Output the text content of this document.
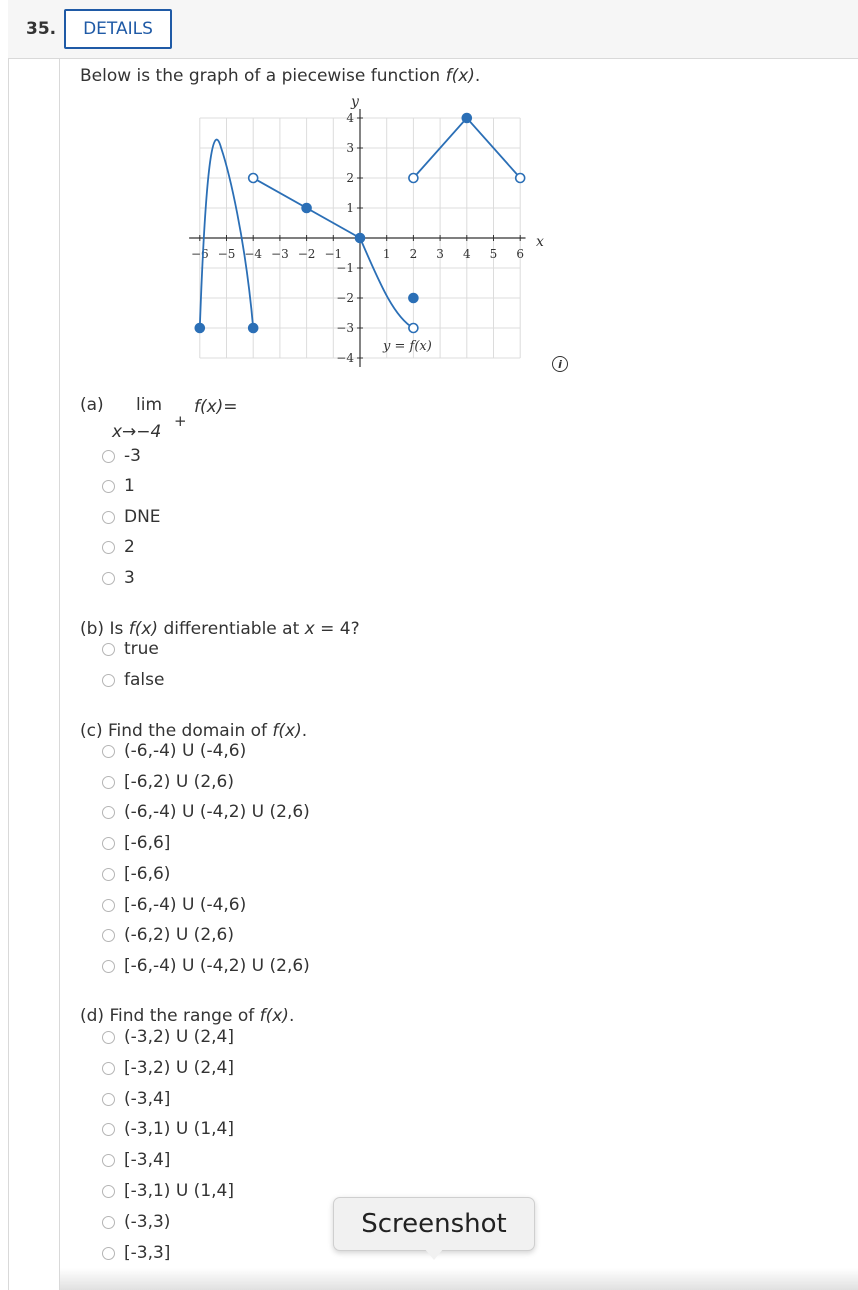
35.	DETAILS
Below is the graph of a piecewise function f(x).
−6 −5 −4 −3 −2 −1	1 2 3 4 5 6
4
3
2
1
−1
−2
−3
−4
x
y
y = f(x)
i
(a) lim
x→−4
+
f(x)=
-3
1
DNE
2
3
(b) Is f(x) differentiable at x = 4?
true
false
(c) Find the domain of f(x).
(-6,-4) U (-4,6)
[-6,2) U (2,6)
(-6,-4) U (-4,2) U (2,6)
[-6,6]
[-6,6)
[-6,-4) U (-4,6)
(-6,2) U (2,6)
[-6,-4) U (-4,2) U (2,6)
(d) Find the range of f(x).
(-3,2) U (2,4]
[-3,2) U (2,4]
(-3,4]
(-3,1) U (1,4]
[-3,4]
[-3,1) U (1,4]
(-3,3)
[-3,3]
Screenshot
